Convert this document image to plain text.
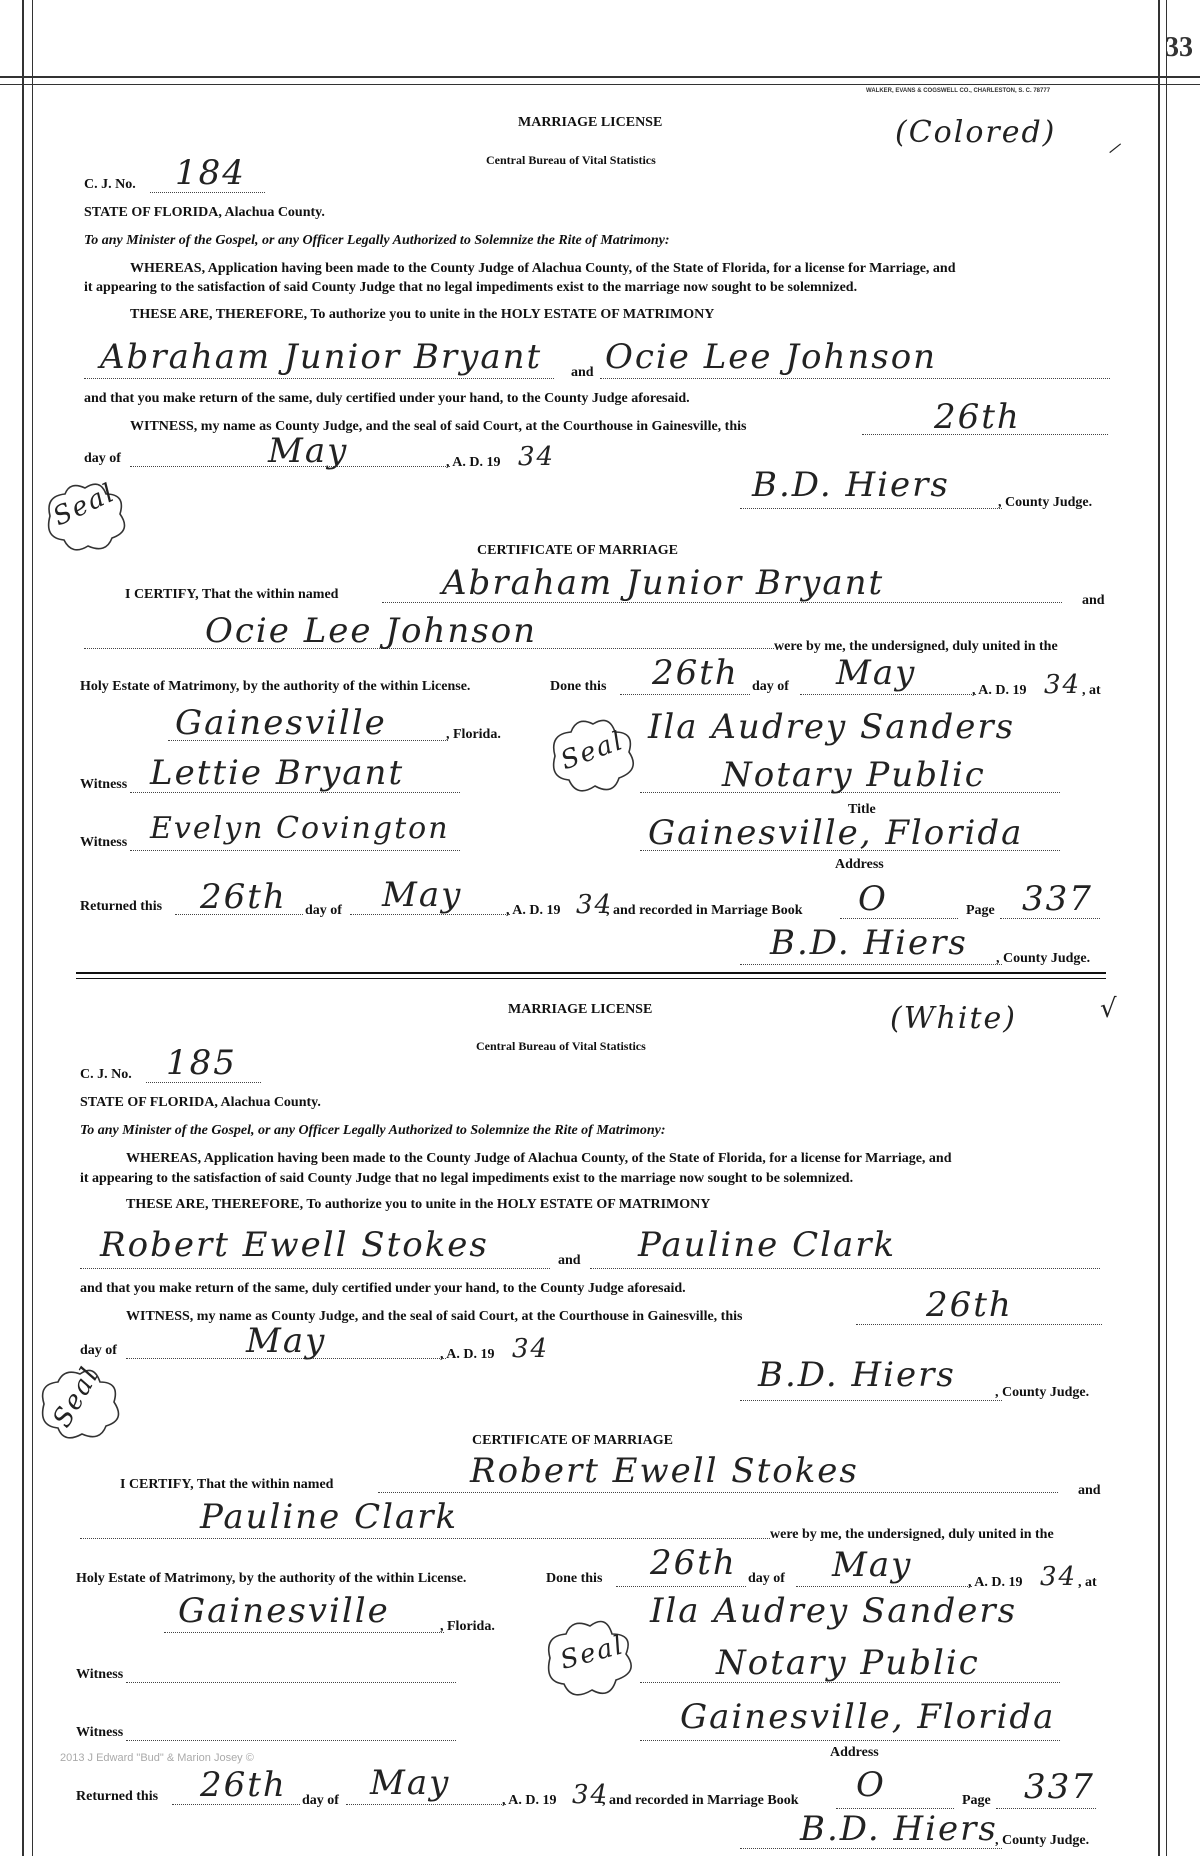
33
WALKER, EVANS & COGSWELL CO., CHARLESTON, S. C. 78777
MARRIAGE LICENSE
Central Bureau of Vital Statistics
(Colored) ⸝
C. J. No. 184
STATE OF FLORIDA, Alachua County.
To any Minister of the Gospel, or any Officer Legally Authorized to Solemnize the Rite of Matrimony:
WHEREAS, Application having been made to the County Judge of Alachua County, of the State of Florida, for a license for Marriage, and
it appearing to the satisfaction of said County Judge that no legal impediments exist to the marriage now sought to be solemnized.
THESE ARE, THEREFORE, To authorize you to unite in the HOLY ESTATE OF MATRIMONY
Abraham Junior Bryant and Ocie Lee Johnson
and that you make return of the same, duly certified under your hand, to the County Judge aforesaid.
WITNESS, my name as County Judge, and the seal of said Court, at the Courthouse in Gainesville, this	26th
day of	May	, A. D. 19 34
Seal	B.D. Hiers	, County Judge.
CERTIFICATE OF MARRIAGE
I CERTIFY, That the within named	Abraham Junior Bryant	and
Ocie Lee Johnson	were by me, the undersigned, duly united in the
Holy Estate of Matrimony, by the authority of the within License.	Done this 26th day of May	, A. D. 19 34 , at
Gainesville	, Florida. Seal Ila Audrey Sanders
Witness Lettie Bryant	Notary Public
Title
Witness Evelyn Covington	Gainesville, Florida
Address
Returned this 26th day of May	, A. D. 19 34
, and recorded in Marriage Book O	Page 337
B.D. Hiers , County Judge.
MARRIAGE LICENSE
Central Bureau of Vital Statistics
(White)	√
C. J. No. 185
STATE OF FLORIDA, Alachua County.
To any Minister of the Gospel, or any Officer Legally Authorized to Solemnize the Rite of Matrimony:
WHEREAS, Application having been made to the County Judge of Alachua County, of the State of Florida, for a license for Marriage, and
it appearing to the satisfaction of said County Judge that no legal impediments exist to the marriage now sought to be solemnized.
THESE ARE, THEREFORE, To authorize you to unite in the HOLY ESTATE OF MATRIMONY
Robert Ewell Stokes	and Pauline Clark
and that you make return of the same, duly certified under your hand, to the County Judge aforesaid.
WITNESS, my name as County Judge, and the seal of said Court, at the Courthouse in Gainesville, this	26th
day of	May	, A. D. 19 34
Seal	B.D. Hiers	, County Judge.
CERTIFICATE OF MARRIAGE
I CERTIFY, That the within named	Robert Ewell Stokes	and
Pauline Clark	were by me, the undersigned, duly united in the
Holy Estate of Matrimony, by the authority of the within License.	Done this 26th day of May	, A. D. 19 34 , at
Gainesville	, Florida.
Seal
Ila Audrey Sanders
Witness	Notary Public
Witness	Gainesville, Florida
Address
2013 J Edward "Bud" & Marion Josey ©
Returned this 26th day of May	, A. D. 19 34
, and recorded in Marriage Book O	Page 337
B.D. Hiers
, County Judge.
